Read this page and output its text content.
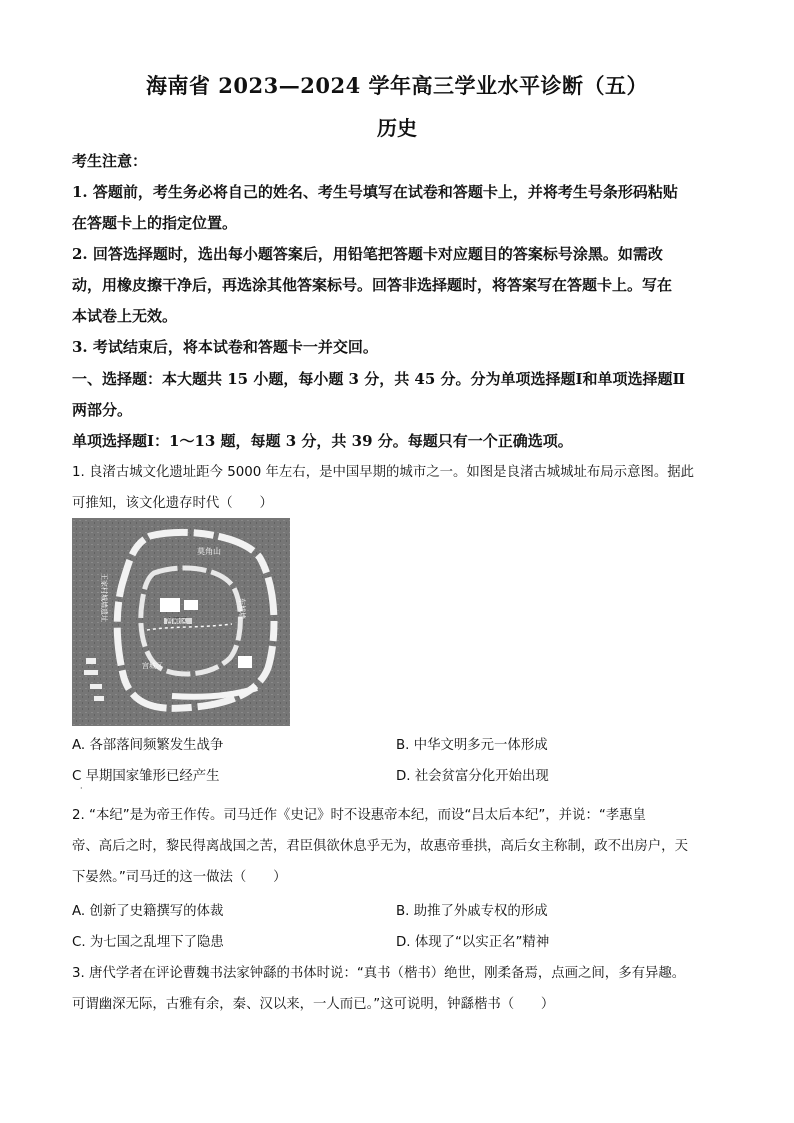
海南省 2023—2024 学年高三学业水平诊断（五）
历史
考生注意：
1. 答题前，考生务必将自己的姓名、考生号填写在试卷和答题卡上，并将考生号条形码粘贴
在答题卡上的指定位置。
2. 回答选择题时，选出每小题答案后，用铅笔把答题卡对应题目的答案标号涂黑。如需改
动，用橡皮擦干净后，再选涂其他答案标号。回答非选择题时，将答案写在答题卡上。写在
本试卷上无效。
3. 考试结束后，将本试卷和答题卡一并交回。
一、选择题：本大题共 15 小题，每小题 3 分，共 45 分。分为单项选择题Ⅰ和单项选择题Ⅱ
两部分。
单项选择题Ⅰ：1～13 题，每题 3 分，共 39 分。每题只有一个正确选项。
1. 良渚古城文化遗址距今 5000 年左右，是中国早期的城市之一。如图是良渚古城城址布局示意图。据此
可推知，该文化遗存时代（　　）
莫角山
宫殿区
宫城区
王家村城墙遗址	东城墙
A. 各部落间频繁发生战争	B. 中华文明多元一体形成
C 早期国家雏形已经产生	D. 社会贫富分化开始出现
·
2. “本纪”是为帝王作传。司马迁作《史记》时不设惠帝本纪，而设“吕太后本纪”，并说：“孝惠皇
帝、高后之时，黎民得离战国之苦，君臣俱欲休息乎无为，故惠帝垂拱，高后女主称制，政不出房户，天
下晏然。”司马迁的这一做法（　　）
A. 创新了史籍撰写的体裁	B. 助推了外戚专权的形成
C. 为七国之乱埋下了隐患	D. 体现了“以实正名”精神
3. 唐代学者在评论曹魏书法家钟繇的书体时说：“真书（楷书）绝世，刚柔备焉，点画之间，多有异趣。
可谓幽深无际，古雅有余，秦、汉以来，一人而已。”这可说明，钟繇楷书（　　）
